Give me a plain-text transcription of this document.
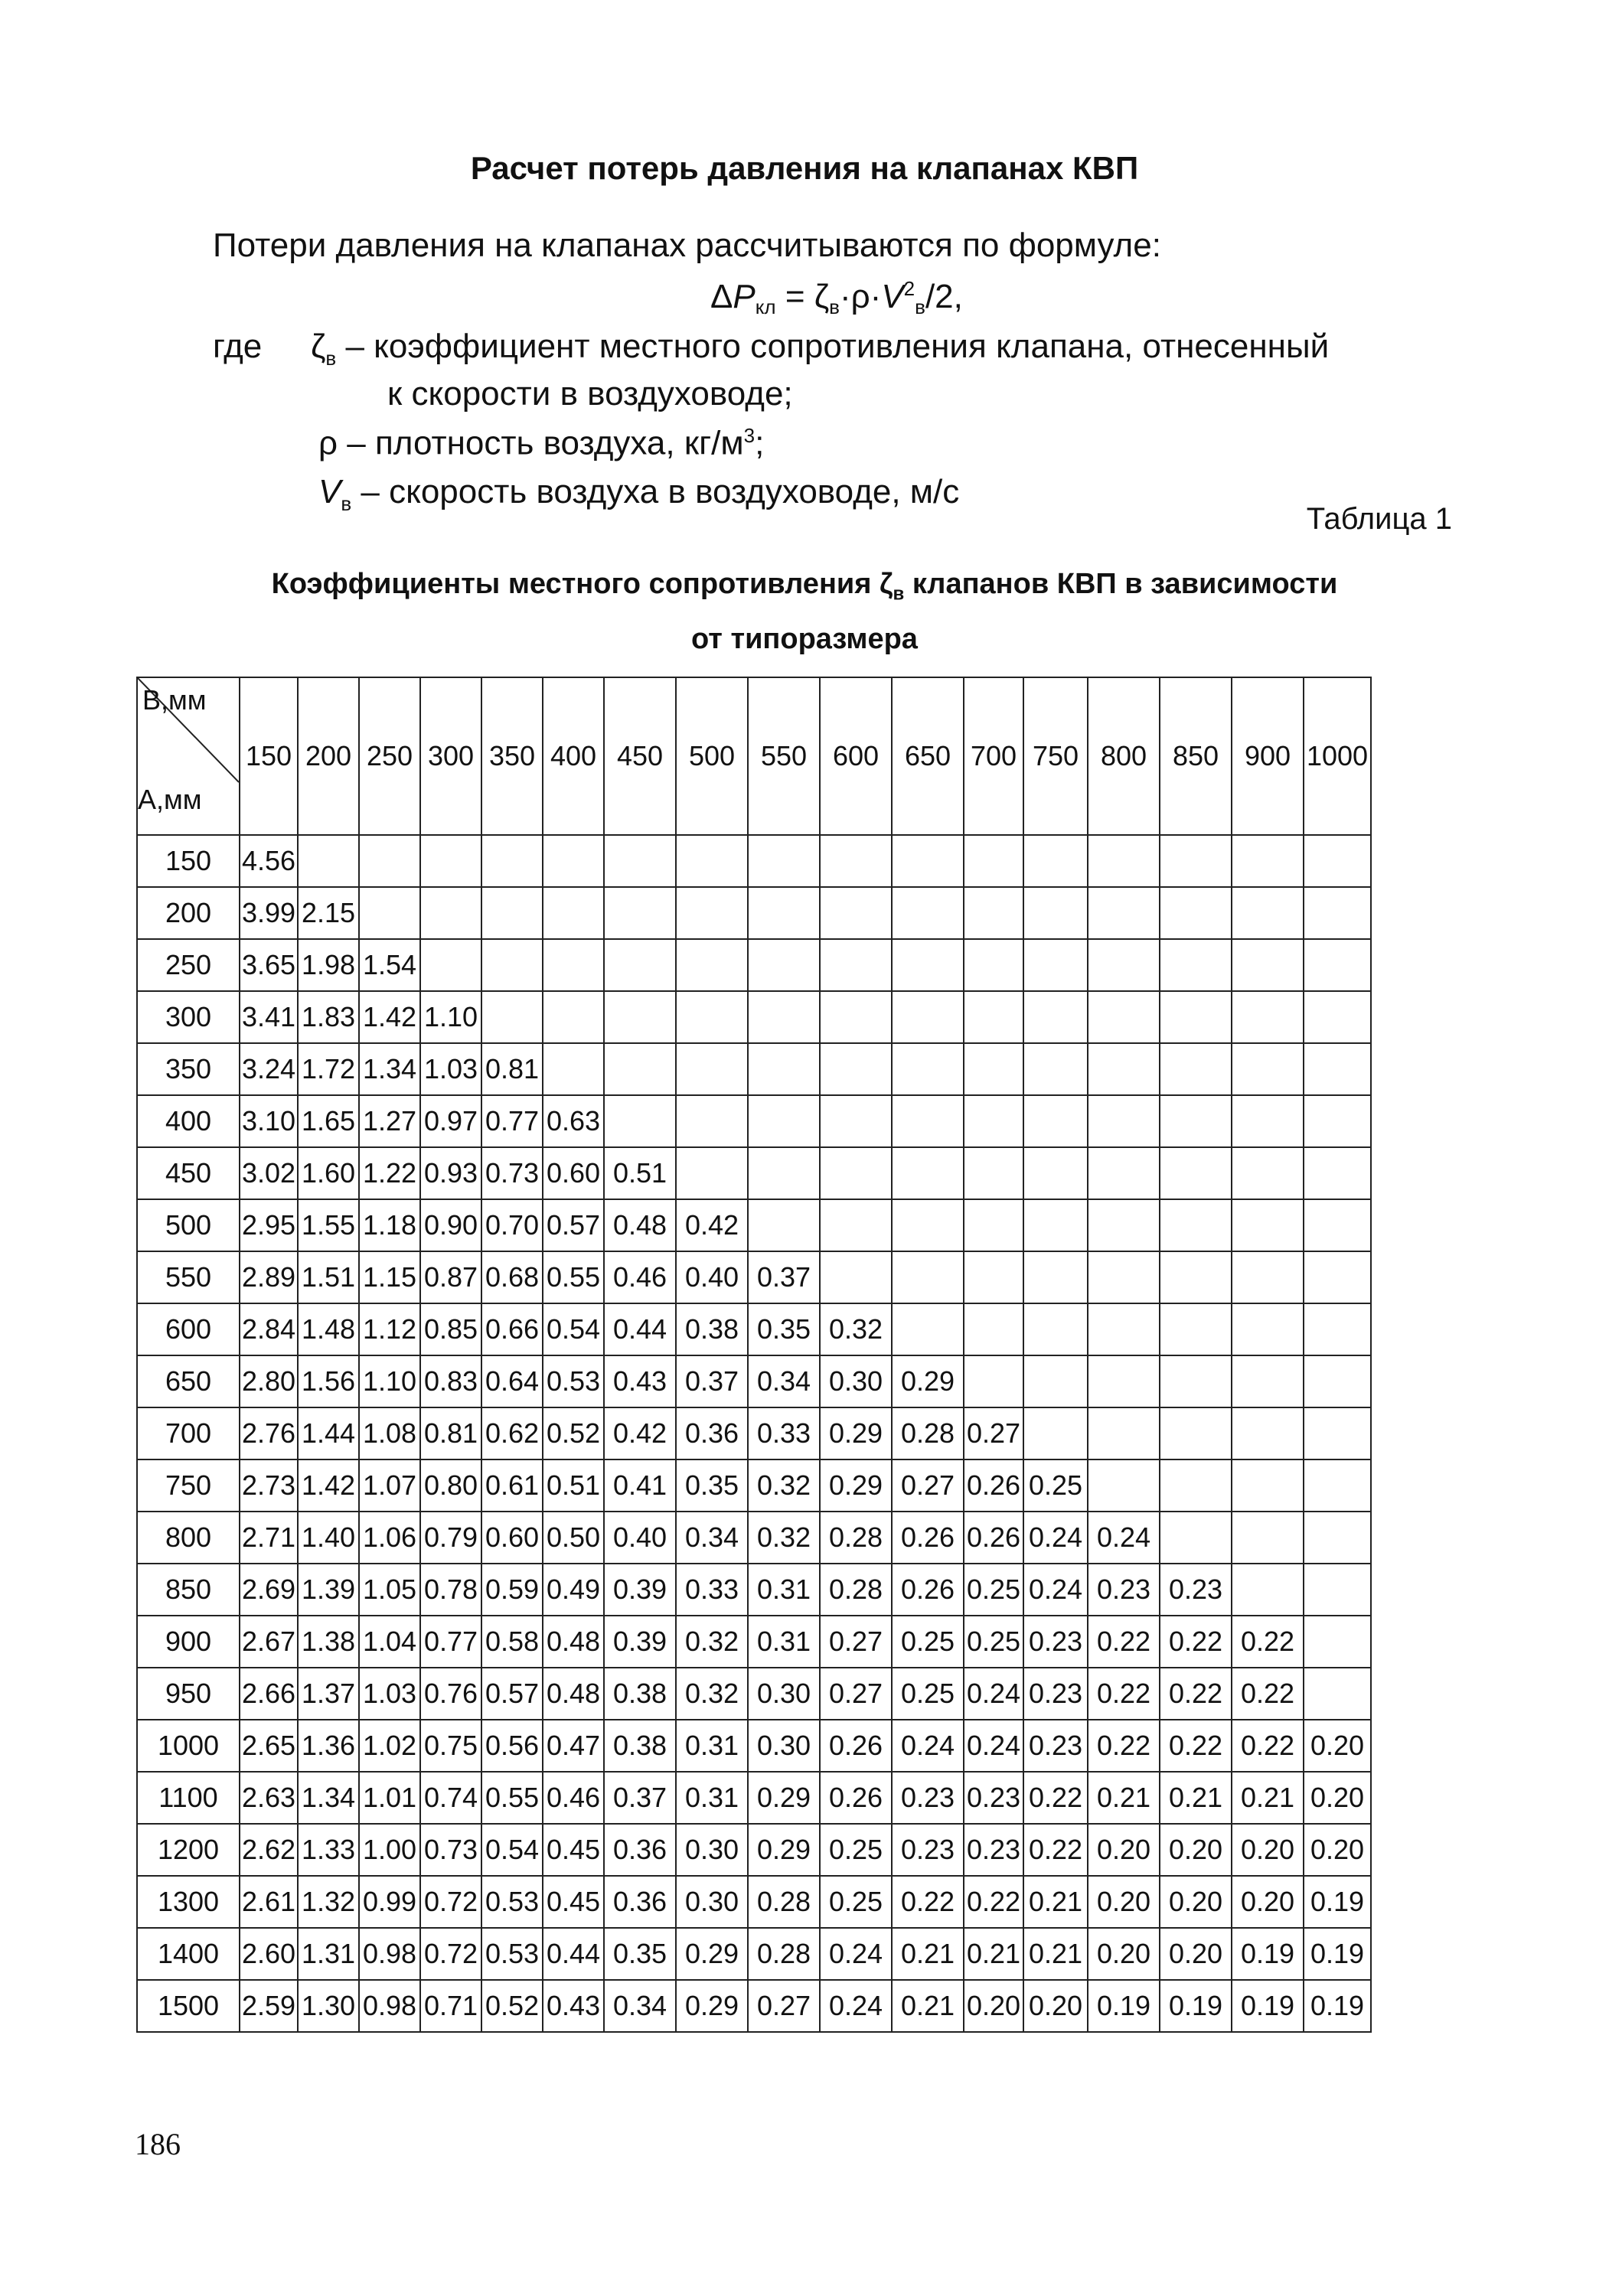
Расчет потерь давления на клапанах КВП
Потери давления на клапанах рассчитываются по формуле:
$\Delta P_{кл} = \zeta_в\cdot\rho\cdot V^2_в/2$,
где $\zeta_в$ – коэффициент местного сопротивления клапана, отнесенный
к скорости в воздуховоде;
ρ – плотность воздуха, $кг/м^3$;
$V_в$ – скорость воздуха в воздуховоде, м/с
Таблица 1
Коэффициенты местного сопротивления $\zeta_в$ клапанов КВП в зависимости
от типоразмера
В,мм
А,мм	150	200	250	300	350	400	450	500	550	600	650	700	750	800	850	900	1000
150	4.56																
200	3.99	2.15															
250	3.65	1.98	1.54														
300	3.41	1.83	1.42	1.10													
350	3.24	1.72	1.34	1.03	0.81												
400	3.10	1.65	1.27	0.97	0.77	0.63											
450	3.02	1.60	1.22	0.93	0.73	0.60	0.51										
500	2.95	1.55	1.18	0.90	0.70	0.57	0.48	0.42									
550	2.89	1.51	1.15	0.87	0.68	0.55	0.46	0.40	0.37								
600	2.84	1.48	1.12	0.85	0.66	0.54	0.44	0.38	0.35	0.32							
650	2.80	1.56	1.10	0.83	0.64	0.53	0.43	0.37	0.34	0.30	0.29						
700	2.76	1.44	1.08	0.81	0.62	0.52	0.42	0.36	0.33	0.29	0.28	0.27					
750	2.73	1.42	1.07	0.80	0.61	0.51	0.41	0.35	0.32	0.29	0.27	0.26	0.25				
800	2.71	1.40	1.06	0.79	0.60	0.50	0.40	0.34	0.32	0.28	0.26	0.26	0.24	0.24			
850	2.69	1.39	1.05	0.78	0.59	0.49	0.39	0.33	0.31	0.28	0.26	0.25	0.24	0.23	0.23		
900	2.67	1.38	1.04	0.77	0.58	0.48	0.39	0.32	0.31	0.27	0.25	0.25	0.23	0.22	0.22	0.22	
950	2.66	1.37	1.03	0.76	0.57	0.48	0.38	0.32	0.30	0.27	0.25	0.24	0.23	0.22	0.22	0.22	
1000	2.65	1.36	1.02	0.75	0.56	0.47	0.38	0.31	0.30	0.26	0.24	0.24	0.23	0.22	0.22	0.22	0.20
1100	2.63	1.34	1.01	0.74	0.55	0.46	0.37	0.31	0.29	0.26	0.23	0.23	0.22	0.21	0.21	0.21	0.20
1200	2.62	1.33	1.00	0.73	0.54	0.45	0.36	0.30	0.29	0.25	0.23	0.23	0.22	0.20	0.20	0.20	0.20
1300	2.61	1.32	0.99	0.72	0.53	0.45	0.36	0.30	0.28	0.25	0.22	0.22	0.21	0.20	0.20	0.20	0.19
1400	2.60	1.31	0.98	0.72	0.53	0.44	0.35	0.29	0.28	0.24	0.21	0.21	0.21	0.20	0.20	0.19	0.19
1500	2.59	1.30	0.98	0.71	0.52	0.43	0.34	0.29	0.27	0.24	0.21	0.20	0.20	0.19	0.19	0.19	0.19
186
